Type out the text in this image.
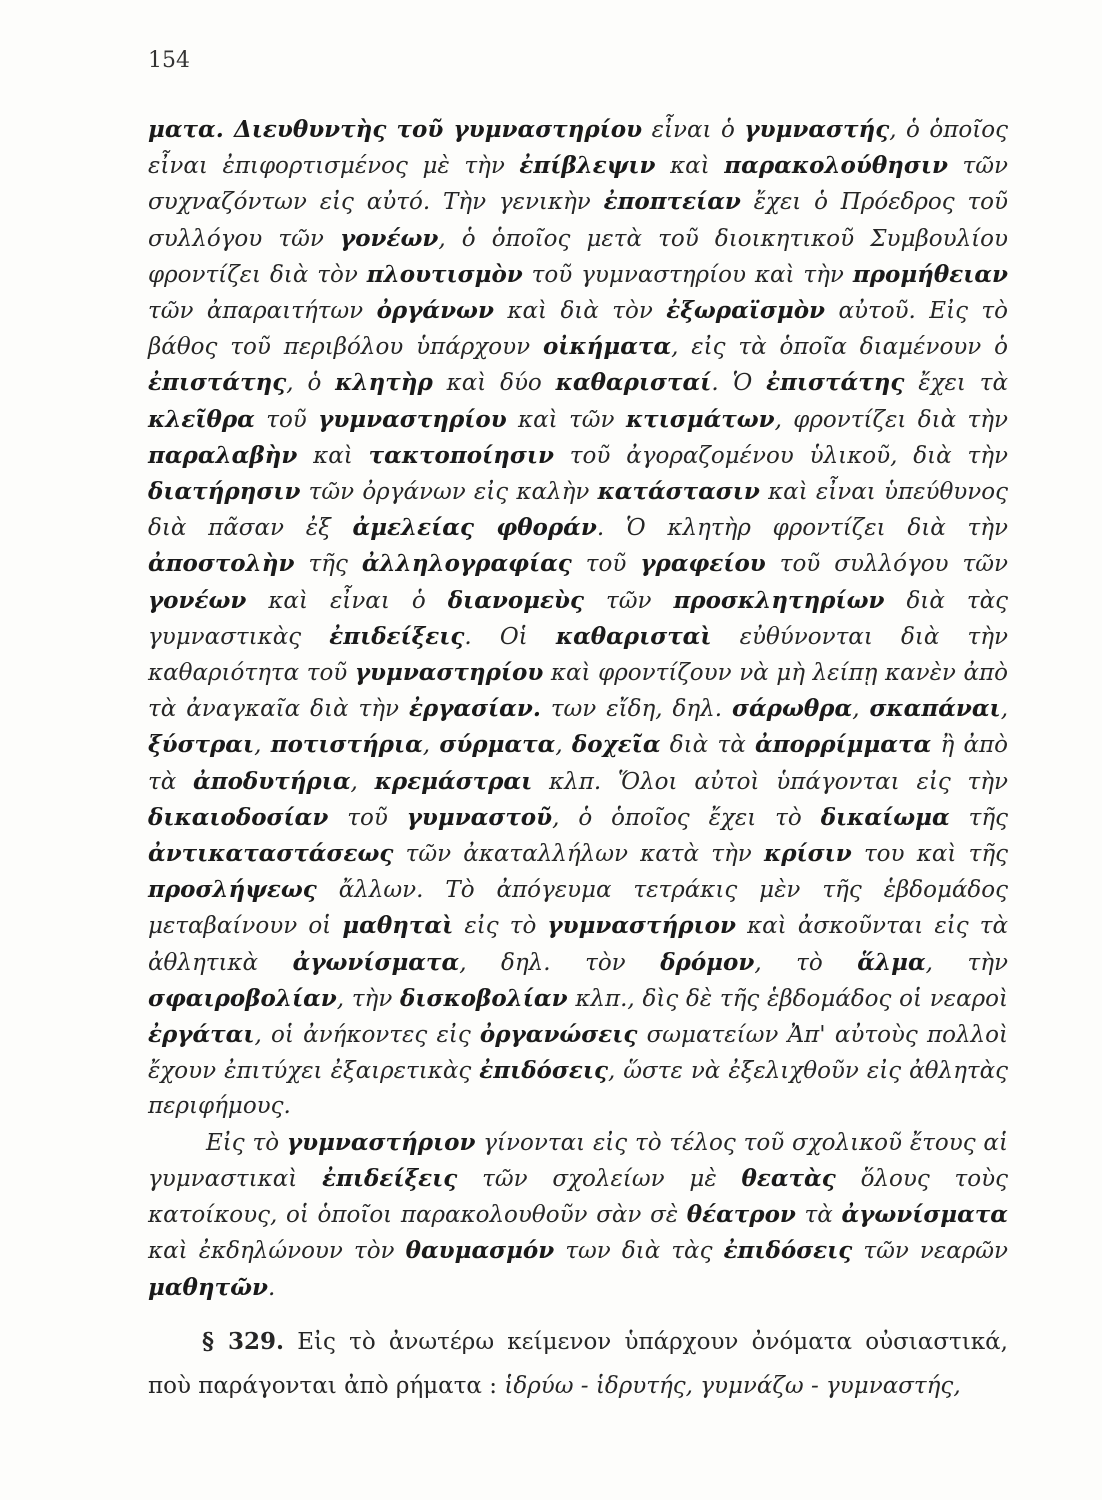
154

ματα. Διευθυντὴς τοῦ γυμναστηρίου εἶναι ὁ γυμναστής, ὁ ὁποῖος εἶναι ἐπιφορτισμένος μὲ τὴν ἐπίβλεψιν καὶ παρακολούθησιν τῶν συχναζόντων εἰς αὐτό. Τὴν γενικὴν ἐποπτείαν ἔχει ὁ Πρόεδρος τοῦ συλλόγου τῶν γονέων, ὁ ὁποῖος μετὰ τοῦ διοικητικοῦ Συμβουλίου φροντίζει διὰ τὸν πλουτισμὸν τοῦ γυμναστηρίου καὶ τὴν προμήθειαν τῶν ἀπαραιτήτων ὀργάνων καὶ διὰ τὸν ἐξωραϊσμὸν αὐτοῦ. Εἰς τὸ βάθος τοῦ περιβόλου ὑπάρχουν οἰκήματα, εἰς τὰ ὁποῖα διαμένουν ὁ ἐπιστάτης, ὁ κλητὴρ καὶ δύο καθαρισταί. Ὁ ἐπιστάτης ἔχει τὰ κλεῖθρα τοῦ γυμναστηρίου καὶ τῶν κτισμάτων, φροντίζει διὰ τὴν παραλαβὴν καὶ τακτοποίησιν τοῦ ἀγοραζομένου ὑλικοῦ, διὰ τὴν διατήρησιν τῶν ὀργάνων εἰς καλὴν κατάστασιν καὶ εἶναι ὑπεύθυνος διὰ πᾶσαν ἐξ ἀμελείας φθοράν. Ὁ κλητὴρ φροντίζει διὰ τὴν ἀποστολὴν τῆς ἀλληλογραφίας τοῦ γραφείου τοῦ συλλόγου τῶν γονέων καὶ εἶναι ὁ διανομεὺς τῶν προσκλητηρίων διὰ τὰς γυμναστικὰς ἐπιδείξεις. Οἱ καθαρισταὶ εὐθύνονται διὰ τὴν καθαριότητα τοῦ γυμναστηρίου καὶ φροντίζουν νὰ μὴ λείπῃ κανὲν ἀπὸ τὰ ἀναγκαῖα διὰ τὴν ἐργασίαν. των εἴδη, δηλ. σάρωθρα, σκαπάναι, ξύστραι, ποτιστήρια, σύρματα, δοχεῖα διὰ τὰ ἀπορρίμματα ἢ ἀπὸ τὰ ἀποδυτήρια, κρεμάστραι κλπ. Ὅλοι αὐτοὶ ὑπάγονται εἰς τὴν δικαιοδοσίαν τοῦ γυμναστοῦ, ὁ ὁποῖος ἔχει τὸ δικαίωμα τῆς ἀντικαταστάσεως τῶν ἀκαταλλήλων κατὰ τὴν κρίσιν του καὶ τῆς προσλήψεως ἄλλων. Τὸ ἀπόγευμα τετράκις μὲν τῆς ἑβδομάδος μεταβαίνουν οἱ μαθηταὶ εἰς τὸ γυμναστήριον καὶ ἀσκοῦνται εἰς τὰ ἀθλητικὰ ἀγωνίσματα, δηλ. τὸν δρόμον, τὸ ἅλμα, τὴν σφαιροβολίαν, τὴν δισκοβολίαν κλπ., δὶς δὲ τῆς ἑβδομάδος οἱ νεαροὶ ἐργάται, οἱ ἀνήκοντες εἰς ὀργανώσεις σωματείων Ἀπ' αὐτοὺς πολλοὶ ἔχουν ἐπιτύχει ἐξαιρετικὰς ἐπιδόσεις, ὥστε νὰ ἐξελιχθοῦν εἰς ἀθλητὰς περιφήμους.

Εἰς τὸ γυμναστήριον γίνονται εἰς τὸ τέλος τοῦ σχολικοῦ ἔτους αἱ γυμναστικαὶ ἐπιδείξεις τῶν σχολείων μὲ θεατὰς ὅλους τοὺς κατοίκους, οἱ ὁποῖοι παρακολουθοῦν σὰν σὲ θέατρον τὰ ἀγωνίσματα καὶ ἐκδηλώνουν τὸν θαυμασμόν των διὰ τὰς ἐπιδόσεις τῶν νεαρῶν μαθητῶν.

§ 329. Εἰς τὸ ἀνωτέρω κείμενον ὑπάρχουν ὀνόματα οὐσιαστικά, ποὺ παράγονται ἀπὸ ρήματα : ἱδρύω - ἱδρυτής, γυμνάζω - γυμναστής,
